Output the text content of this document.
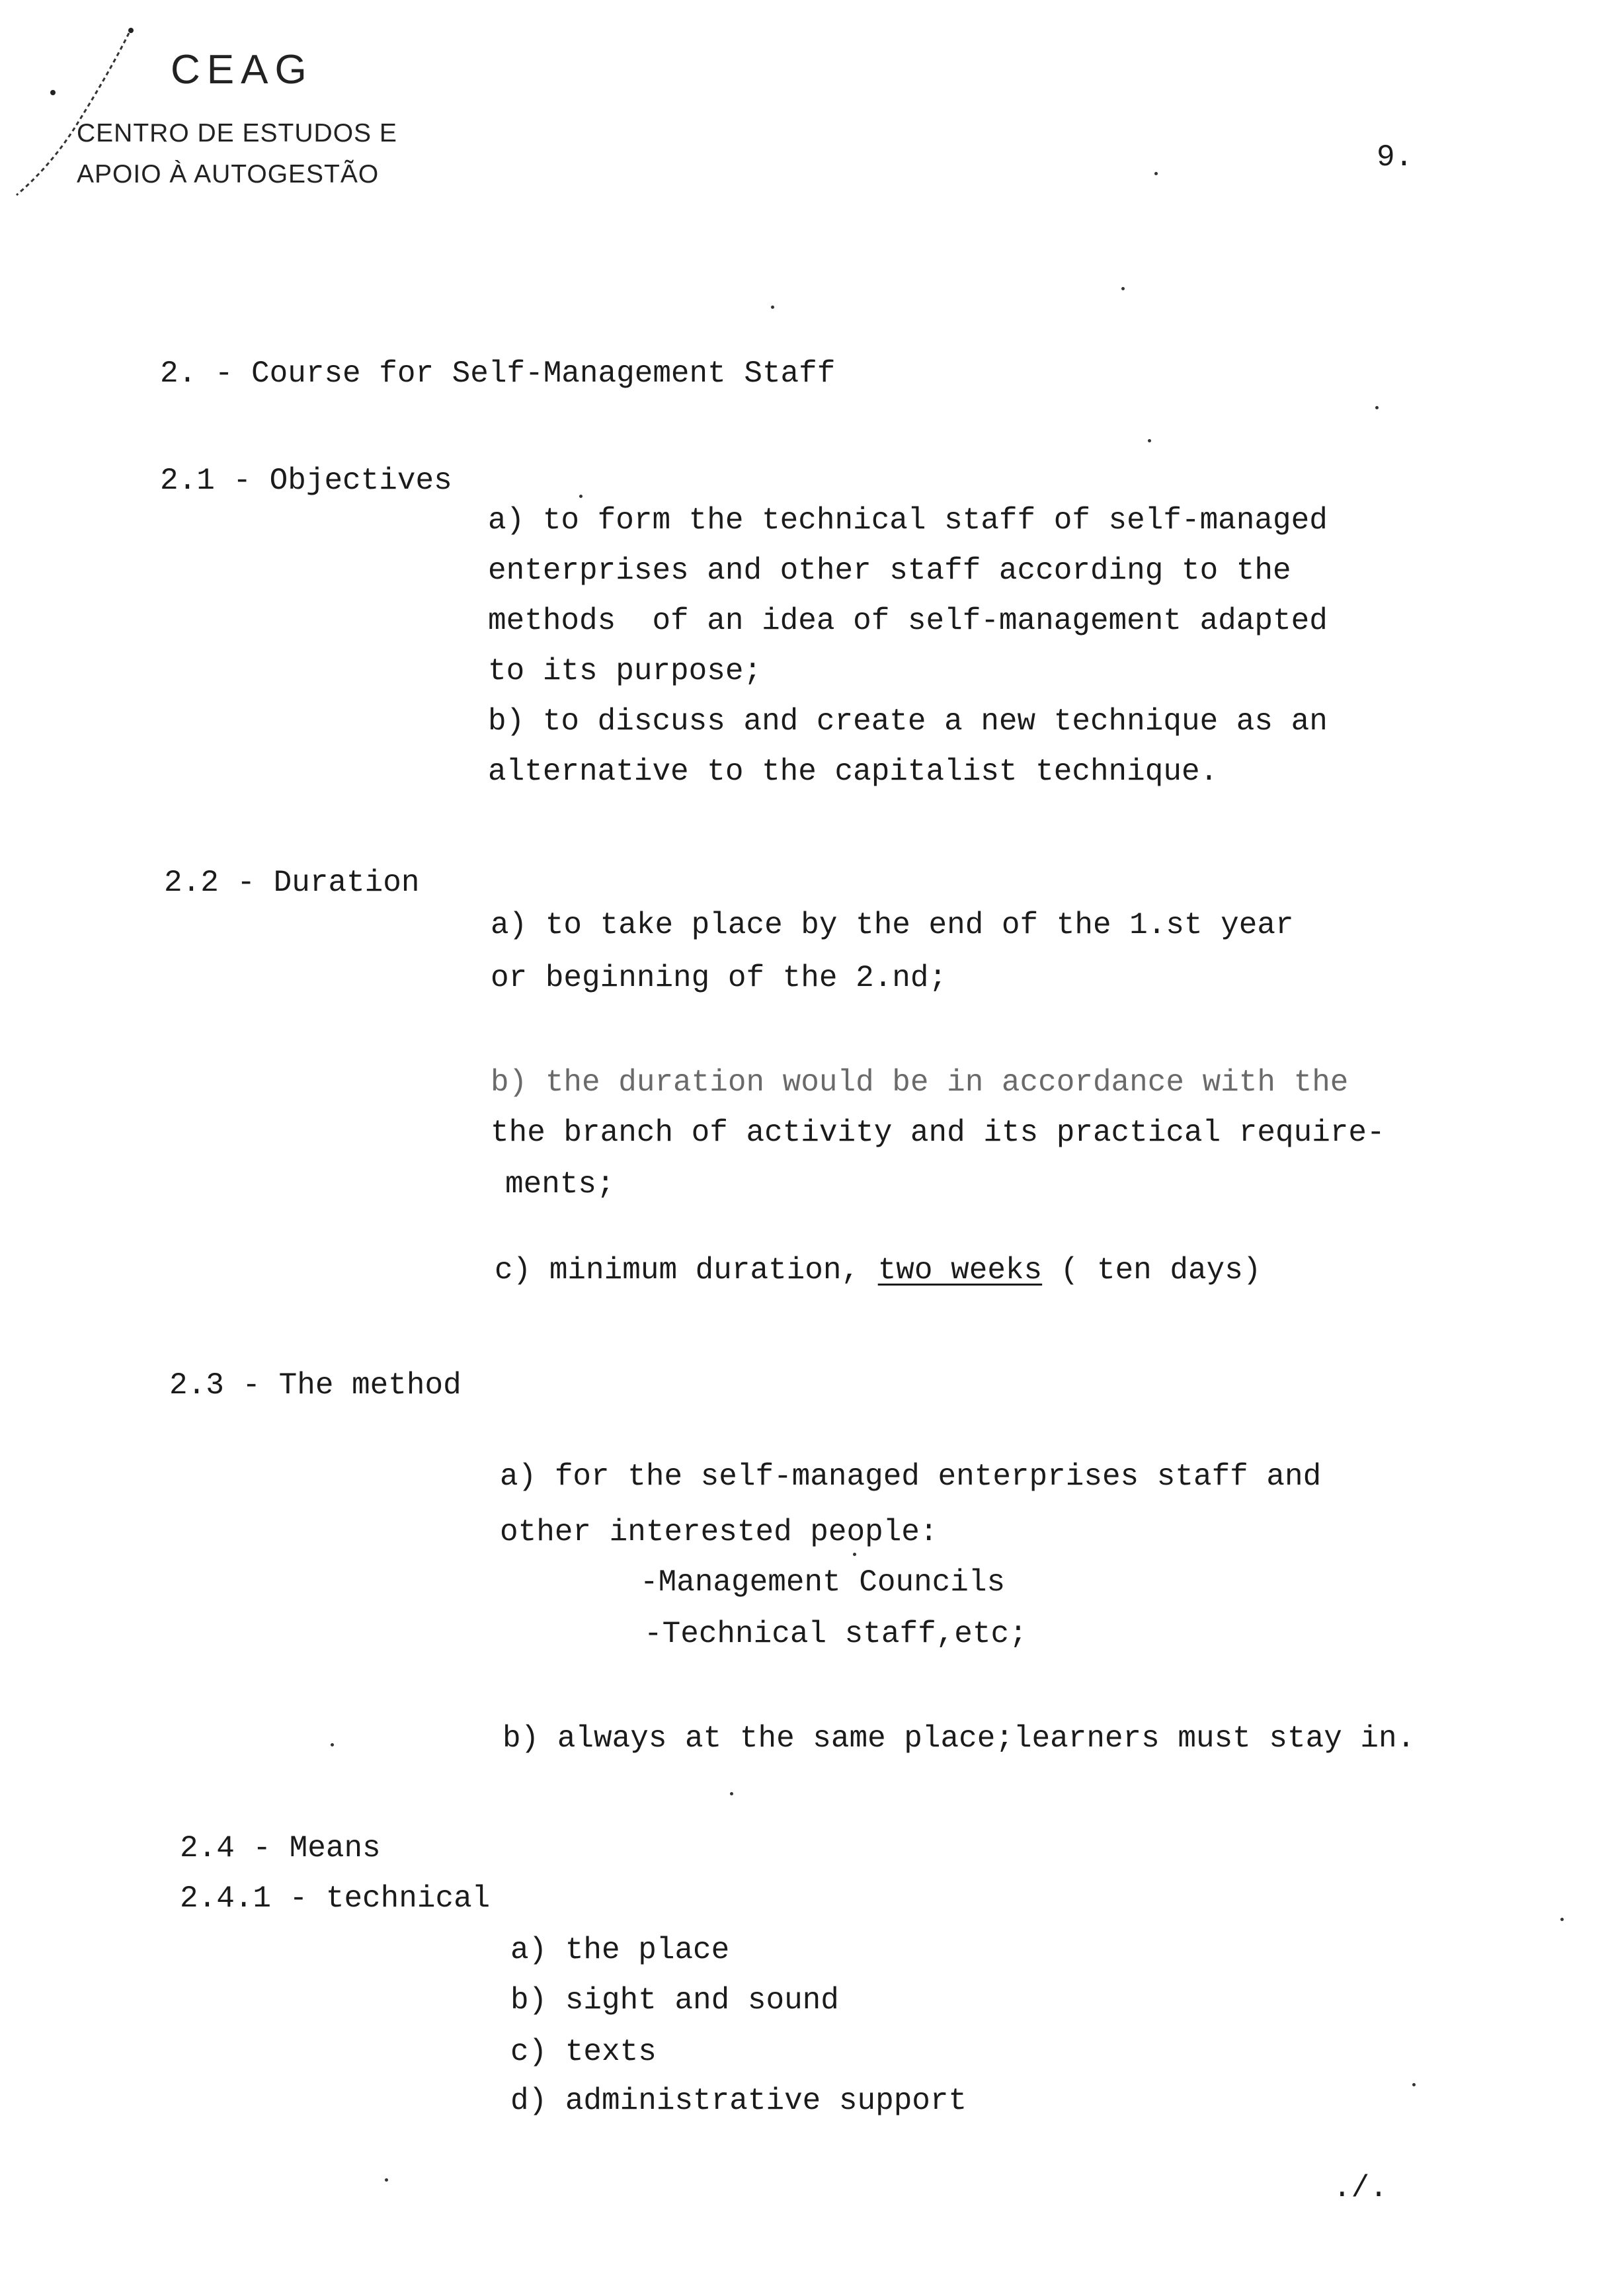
CEAG
CENTRO DE ESTUDOS E
APOIO À AUTOGESTÃO	9.
2. - Course for Self-Management Staff
2.1 - Objectives
a) to form the technical staff of self-managed
enterprises and other staff according to the
methods  of an idea of self-management adapted
to its purpose;
b) to discuss and create a new technique as an
alternative to the capitalist technique.
2.2 - Duration
a) to take place by the end of the 1.st year
or beginning of the 2.nd;
b) the duration would be in accordance with the
the branch of activity and its practical require-
ments;
c) minimum duration, two weeks ( ten days)
2.3 - The method
a) for the self-managed enterprises staff and
other interested people:
-Management Councils
-Technical staff,etc;
b) always at the same place;learners must stay in.
2.4 - Means
2.4.1 - technical
a) the place
b) sight and sound
c) texts
d) administrative support
./.
